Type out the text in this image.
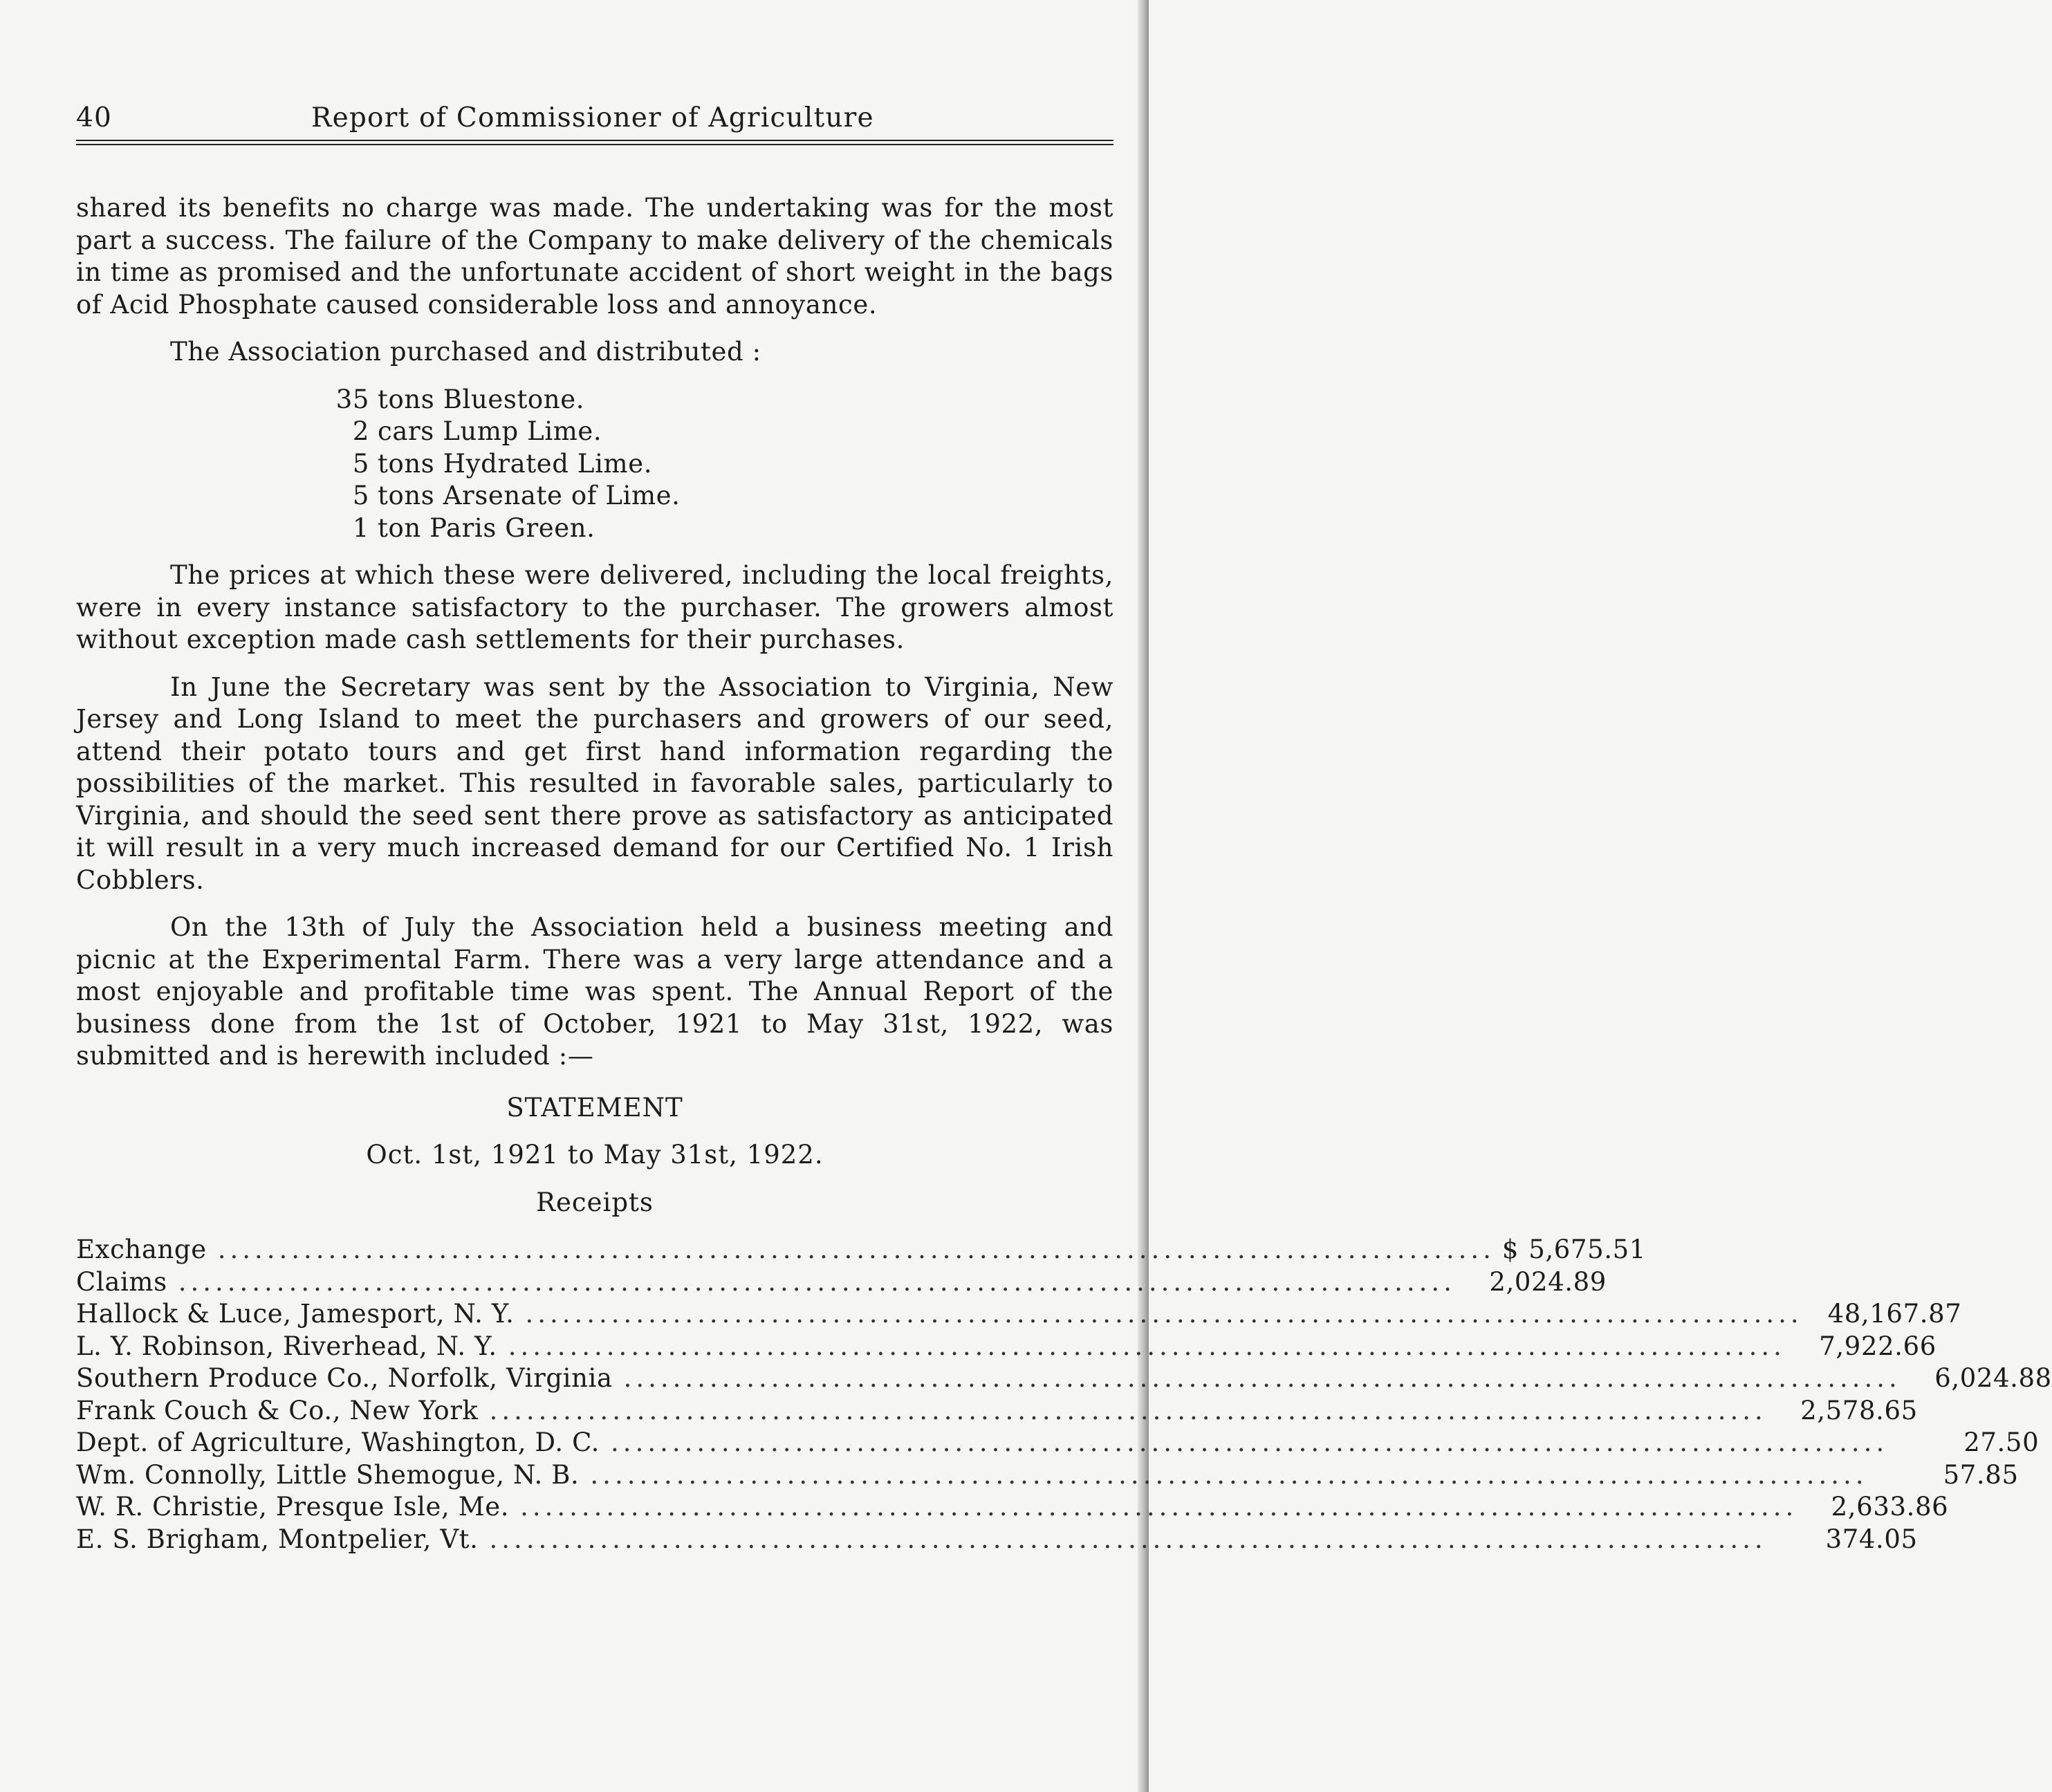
40	Report of Commissioner of Agriculture

shared its benefits no charge was made. The undertaking was for the most part a success. The failure of the Company to make delivery of the chemicals in time as promised and the unfortunate accident of short weight in the bags of Acid Phosphate caused considerable loss and annoyance.

The Association purchased and distributed :

35 tons Bluestone.
2 cars Lump Lime.
5 tons Hydrated Lime.
5 tons Arsenate of Lime.
1 ton Paris Green.

The prices at which these were delivered, including the local freights, were in every instance satisfactory to the purchaser. The growers almost without exception made cash settlements for their purchases.

In June the Secretary was sent by the Association to Virginia, New Jersey and Long Island to meet the purchasers and growers of our seed, attend their potato tours and get first hand information regarding the possibilities of the market. This resulted in favorable sales, particularly to Virginia, and should the seed sent there prove as satisfactory as anticipated it will result in a very much increased demand for our Certified No. 1 Irish Cobblers.

On the 13th of July the Association held a business meeting and picnic at the Experimental Farm. There was a very large attendance and a most enjoyable and profitable time was spent. The Annual Report of the business done from the 1st of October, 1921 to May 31st, 1922, was submitted and is herewith included :—

STATEMENT
Oct. 1st, 1921 to May 31st, 1922.
Receipts
Exchange ........................................................................................................ $ 5,675.51
Claims ........................................................................................................	2,024.89
Hallock & Luce, Jamesport, N. Y. ........................................................................................................ 48,167.87
L. Y. Robinson, Riverhead, N. Y. ........................................................................................................	7,922.66
Southern Produce Co., Norfolk, Virginia ........................................................................................................	6,024.88
Frank Couch & Co., New York ........................................................................................................	2,578.65
Dept. of Agriculture, Washington, D. C. ........................................................................................................	27.50
Wm. Connolly, Little Shemogue, N. B. ........................................................................................................	57.85
W. R. Christie, Presque Isle, Me. ........................................................................................................	2,633.86
E. S. Brigham, Montpelier, Vt. ........................................................................................................	374.05
